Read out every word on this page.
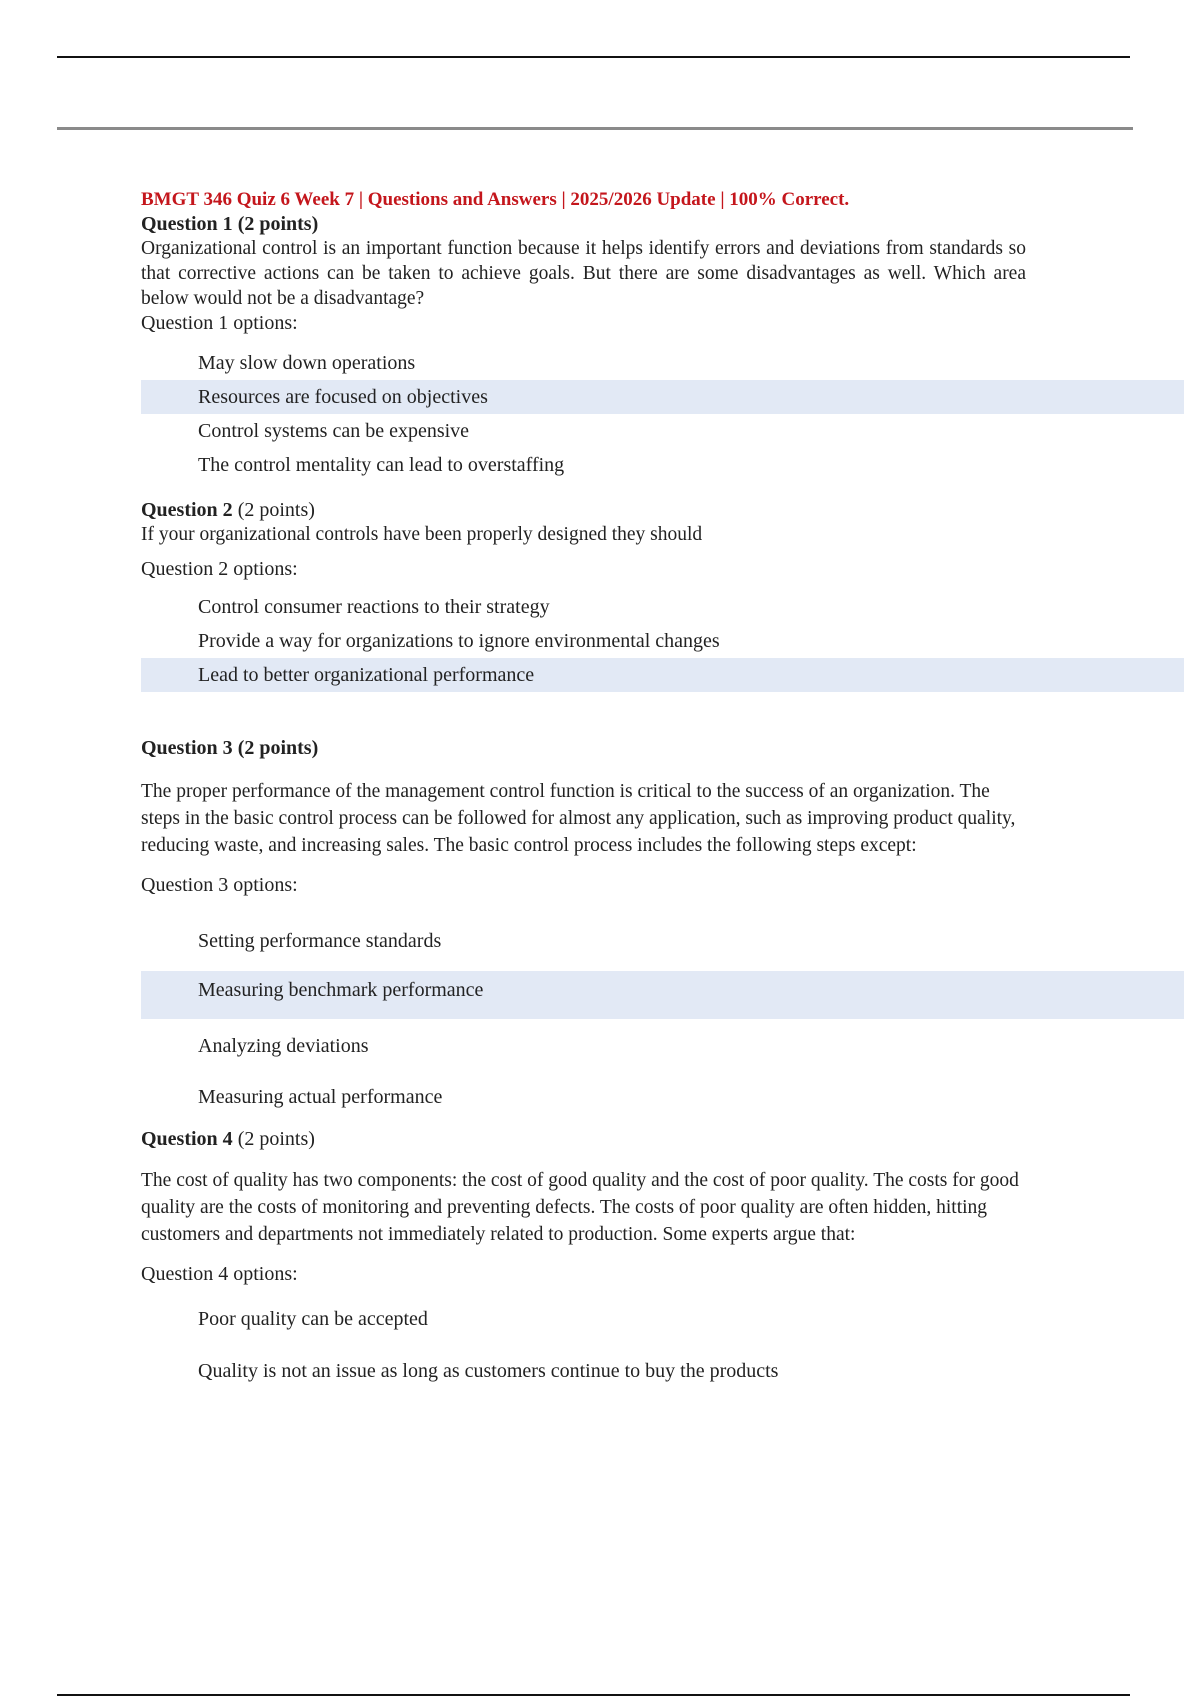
BMGT 346 Quiz 6 Week 7 | Questions and Answers | 2025/2026 Update | 100% Correct.
Question 1 (2 points)
Organizational control is an important function because it helps identify errors and deviations from standards so that corrective actions can be taken to achieve goals. But there are some disadvantages as well. Which area below would not be a disadvantage?
Question 1 options:
May slow down operations
Resources are focused on objectives
Control systems can be expensive
The control mentality can lead to overstaffing
Question 2 (2 points)
If your organizational controls have been properly designed they should
Question 2 options:
Control consumer reactions to their strategy
Provide a way for organizations to ignore environmental changes
Lead to better organizational performance
Question 3 (2 points)
The proper performance of the management control function is critical to the success of an organization. The steps in the basic control process can be followed for almost any application, such as improving product quality, reducing waste, and increasing sales. The basic control process includes the following steps except:
Question 3 options:
Setting performance standards
Measuring benchmark performance
Analyzing deviations
Measuring actual performance
Question 4 (2 points)
The cost of quality has two components: the cost of good quality and the cost of poor quality. The costs for good quality are the costs of monitoring and preventing defects. The costs of poor quality are often hidden, hitting customers and departments not immediately related to production. Some experts argue that:
Question 4 options:
Poor quality can be accepted
Quality is not an issue as long as customers continue to buy the products
